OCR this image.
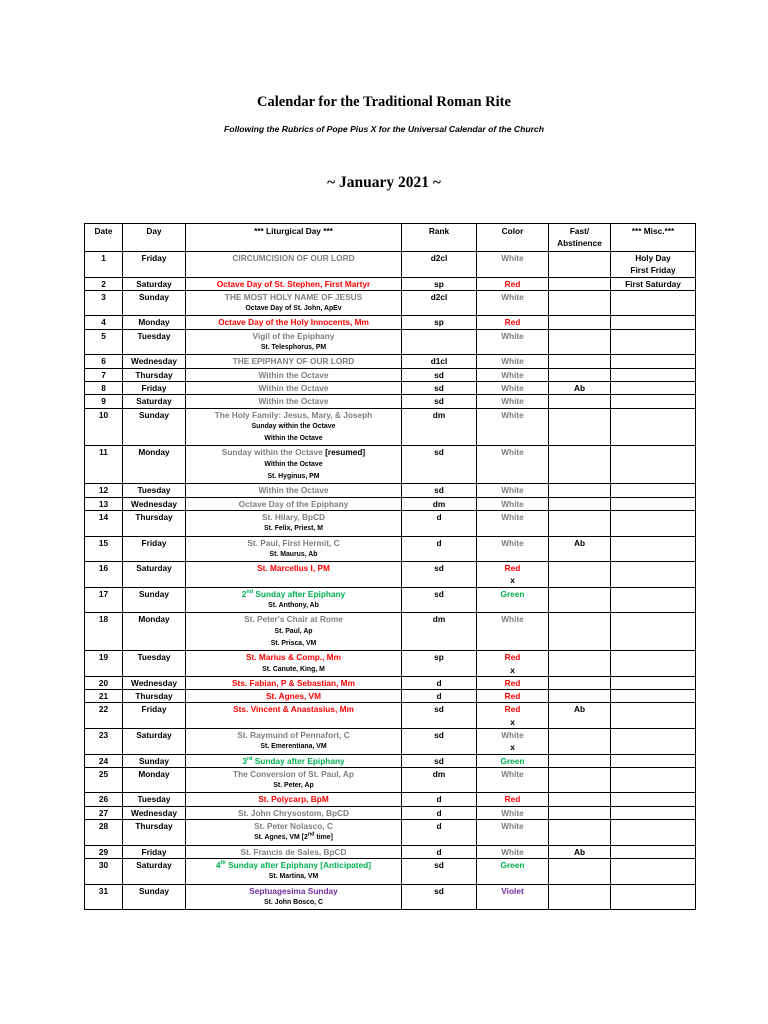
Calendar for the Traditional Roman Rite
Following the Rubrics of Pope Pius X for the Universal Calendar of the Church
~ January 2021 ~
Date	Day	*** Liturgical Day ***	Rank	Color	Fast/ Abstinence	*** Misc.***
1	Friday	CIRCUMCISION OF OUR LORD	d2cl	White		Holy Day
First Friday

2	Saturday	Octave Day of St. Stephen, First Martyr	sp	Red		First Saturday

3	Sunday	THE MOST HOLY NAME OF JESUS
Octave Day of St. John, ApEv	d2cl	White		

4	Monday	Octave Day of the Holy Innocents, Mm	sp	Red		

5	Tuesday	Vigil of the Epiphany
St. Telesphorus, PM		White		

6	Wednesday	THE EPIPHANY OF OUR LORD	d1cl	White		

7	Thursday	Within the Octave	sd	White		

8	Friday	Within the Octave	sd	White	Ab	
9	Saturday	Within the Octave	sd	White		

10	Sunday	The Holy Family: Jesus, Mary, & Joseph
Sunday within the Octave
Within the Octave	dm	White		

11	Monday	Sunday within the Octave [resumed]
Within the Octave
St. Hyginus, PM	sd	White		

12	Tuesday	Within the Octave	sd	White		

13	Wednesday	Octave Day of the Epiphany	dm	White		

14	Thursday	St. Hilary, BpCD
St. Felix, Priest, M	d	White		

15	Friday	St. Paul, First Hermit, C
St. Maurus, Ab	d	White	Ab	
16	Saturday	St. Marcellus I, PM	sd	Red
x		

17	Sunday	2nd Sunday after Epiphany
St. Anthony, Ab	sd	Green		

18	Monday	St. Peter's Chair at Rome
St. Paul, Ap
St. Prisca, VM	dm	White		

19	Tuesday	St. Marius & Comp., Mm
St. Canute, King, M	sp	Red
x		

20	Wednesday	Sts. Fabian, P & Sebastian, Mm	d	Red		

21	Thursday	St. Agnes, VM	d	Red		

22	Friday	Sts. Vincent & Anastasius, Mm	sd	Red
x	Ab	
23	Saturday	St. Raymund of Pennafort, C
St. Emerentiana, VM	sd	White
x		

24	Sunday	3rd Sunday after Epiphany	sd	Green		

25	Monday	The Conversion of St. Paul, Ap
St. Peter, Ap	dm	White		

26	Tuesday	St. Polycarp, BpM	d	Red		

27	Wednesday	St. John Chrysostom, BpCD	d	White		

28	Thursday	St. Peter Nolasco, C
St. Agnes, VM [2nd time]	d	White		

29	Friday	St. Francis de Sales, BpCD	d	White	Ab	
30	Saturday	4th Sunday after Epiphany [Anticipated]
St. Martina, VM	sd	Green		

31	Sunday	Septuagesima Sunday
St. John Bosco, C	sd	Violet		
